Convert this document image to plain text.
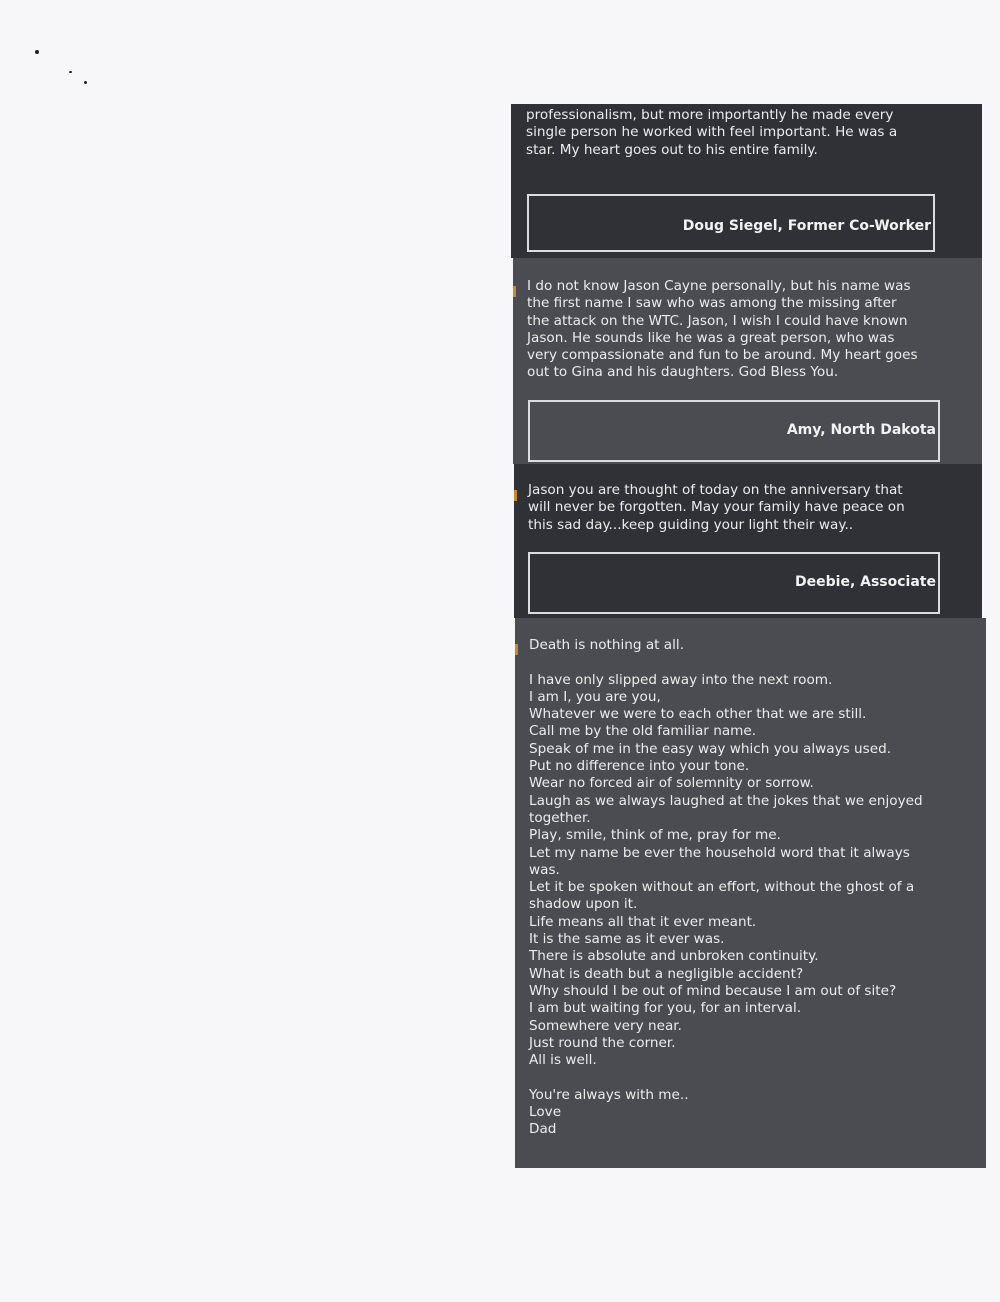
professionalism, but more importantly he made every
single person he worked with feel important. He was a
star. My heart goes out to his entire family.

Doug Siegel, Former Co-Worker

I do not know Jason Cayne personally, but his name was
the first name I saw who was among the missing after
the attack on the WTC. Jason, I wish I could have known
Jason. He sounds like he was a great person, who was
very compassionate and fun to be around. My heart goes
out to Gina and his daughters. God Bless You.

Amy, North Dakota

Jason you are thought of today on the anniversary that
will never be forgotten. May your family have peace on
this sad day...keep guiding your light their way..

Deebie, Associate

Death is nothing at all.

I have only slipped away into the next room.
I am I, you are you,
Whatever we were to each other that we are still.
Call me by the old familiar name.
Speak of me in the easy way which you always used.
Put no difference into your tone.
Wear no forced air of solemnity or sorrow.
Laugh as we always laughed at the jokes that we enjoyed
together.
Play, smile, think of me, pray for me.
Let my name be ever the household word that it always
was.
Let it be spoken without an effort, without the ghost of a
shadow upon it.
Life means all that it ever meant.
It is the same as it ever was.
There is absolute and unbroken continuity.
What is death but a negligible accident?
Why should I be out of mind because I am out of site?
I am but waiting for you, for an interval.
Somewhere very near.
Just round the corner.
All is well.

You're always with me..
Love
Dad
